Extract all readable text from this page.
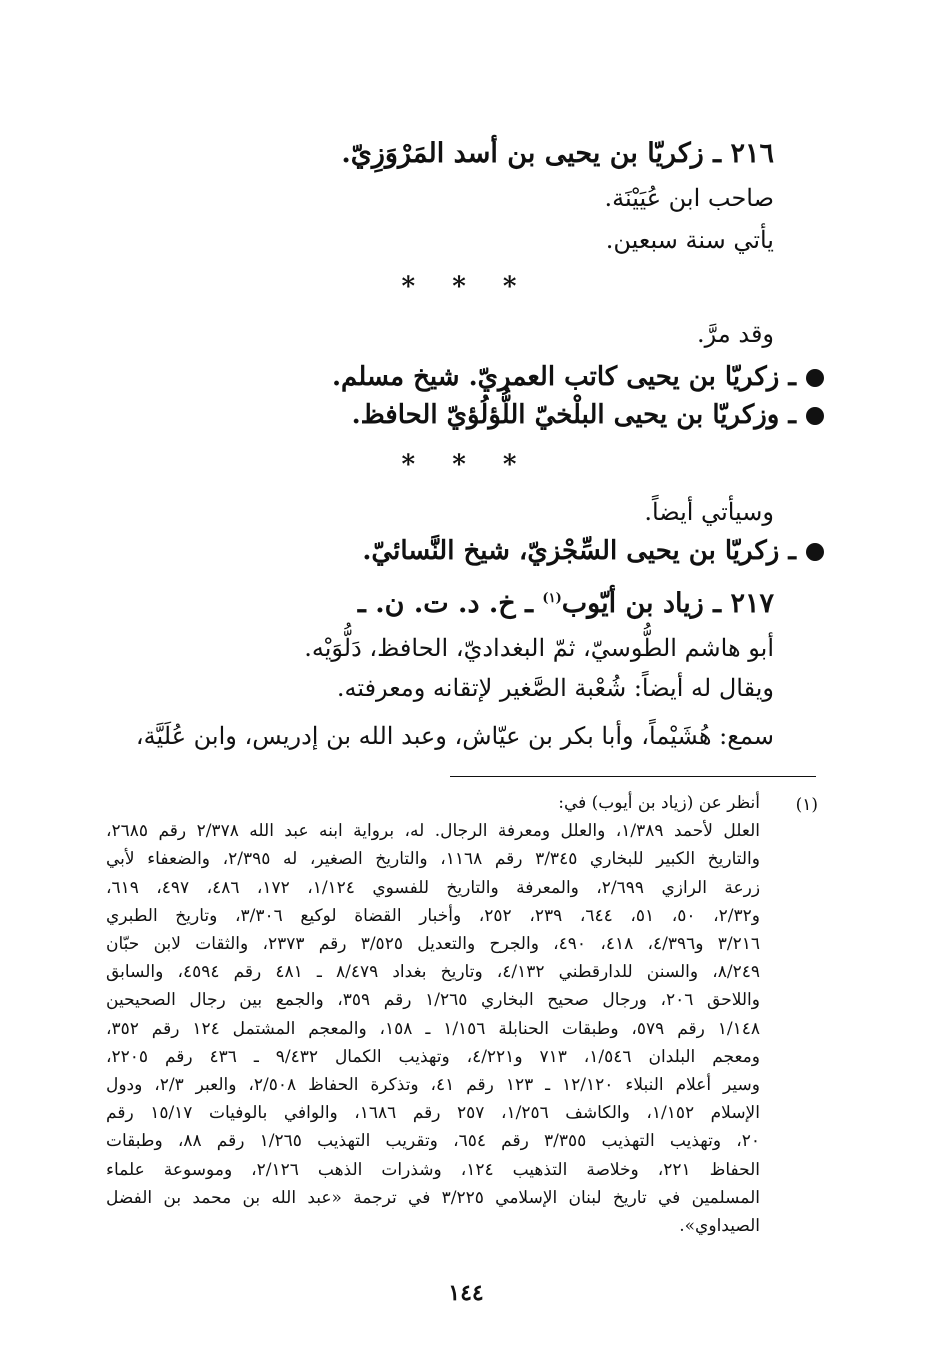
٢١٦ ـ زكريّا بن يحيى بن أسد المَرْوَزِيّ.
صاحب ابن عُيَيْنَة.
يأتي سنة سبعين.
* * *
وقد مرَّ.
ـ زكريّا بن يحيى كاتب العمريّ. شيخ مسلم.
ـ وزكريّا بن يحيى البلْخيّ اللُّؤلُؤيّ الحافظ.
* * *
وسيأتي أيضاً.
ـ زكريّا بن يحيى السِّجْزيّ، شيخ النَّسائيّ.
٢١٧ ـ زياد بن أيّوب$^{(١)}$ ـ خ. د. ت. ن. ـ
أبو هاشم الطُّوسيّ، ثمّ البغداديّ، الحافظ، دَلُّوَيْه.
ويقال له أيضاً: شُعْبة الصَّغير لإتقانه ومعرفته.
سمع: هُشَيْماً، وأبا بكر بن عيّاش، وعبد الله بن إدريس، وابن عُلَيَّة،
(١)
أنظر عن (زياد بن أيوب) في:
العلل لأحمد ١/٣٨٩، والعلل ومعرفة الرجال. له، برواية ابنه عبد الله ٢/٣٧٨ رقم ٢٦٨٥،
والتاريخ الكبير للبخاري ٣/٣٤٥ رقم ١١٦٨، والتاريخ الصغير، له ٢/٣٩٥، والضعفاء لأبي
زرعة الرازي ٢/٦٩٩، والمعرفة والتاريخ للفسوي ١/١٢٤، ١٧٢، ٤٨٦، ٤٩٧، ٦١٩،
و٢/٣٢، ٥٠، ٥١، ٦٤٤، ٢٣٩، ٢٥٢، وأخبار القضاة لوكيع ٣/٣٠٦، وتاريخ الطبري
٣/٢١٦ و٤/٣٩٦، ٤١٨، ٤٩٠، والجرح والتعديل ٣/٥٢٥ رقم ٢٣٧٣، والثقات لابن حبّان
٨/٢٤٩، والسنن للدارقطني ٤/١٣٢، وتاريخ بغداد ٨/٤٧٩ ـ ٤٨١ رقم ٤٥٩٤، والسابق
واللاحق ٢٠٦، ورجال صحيح البخاري ١/٢٦٥ رقم ٣٥٩، والجمع بين رجال الصحيحين
١/١٤٨ رقم ٥٧٩، وطبقات الحنابلة ١/١٥٦ ـ ١٥٨، والمعجم المشتمل ١٢٤ رقم ٣٥٢،
ومعجم البلدان ١/٥٤٦، ٧١٣ و٤/٢٢١، وتهذيب الكمال ٩/٤٣٢ ـ ٤٣٦ رقم ٢٢٠٥،
وسير أعلام النبلاء ١٢/١٢٠ ـ ١٢٣ رقم ٤١، وتذكرة الحفاظ ٢/٥٠٨، والعبر ٢/٣، ودول
الإسلام ١/١٥٢، والكاشف ١/٢٥٦، ٢٥٧ رقم ١٦٨٦، والوافي بالوفيات ١٥/١٧ رقم
٢٠، وتهذيب التهذيب ٣/٣٥٥ رقم ٦٥٤، وتقريب التهذيب ١/٢٦٥ رقم ٨٨، وطبقات
الحفاظ ٢٢١، وخلاصة التذهيب ١٢٤، وشذرات الذهب ٢/١٢٦، وموسوعة علماء
المسلمين في تاريخ لبنان الإسلامي ٣/٢٢٥ في ترجمة «عبد الله بن محمد بن الفضل
الصيداوي».
١٤٤
